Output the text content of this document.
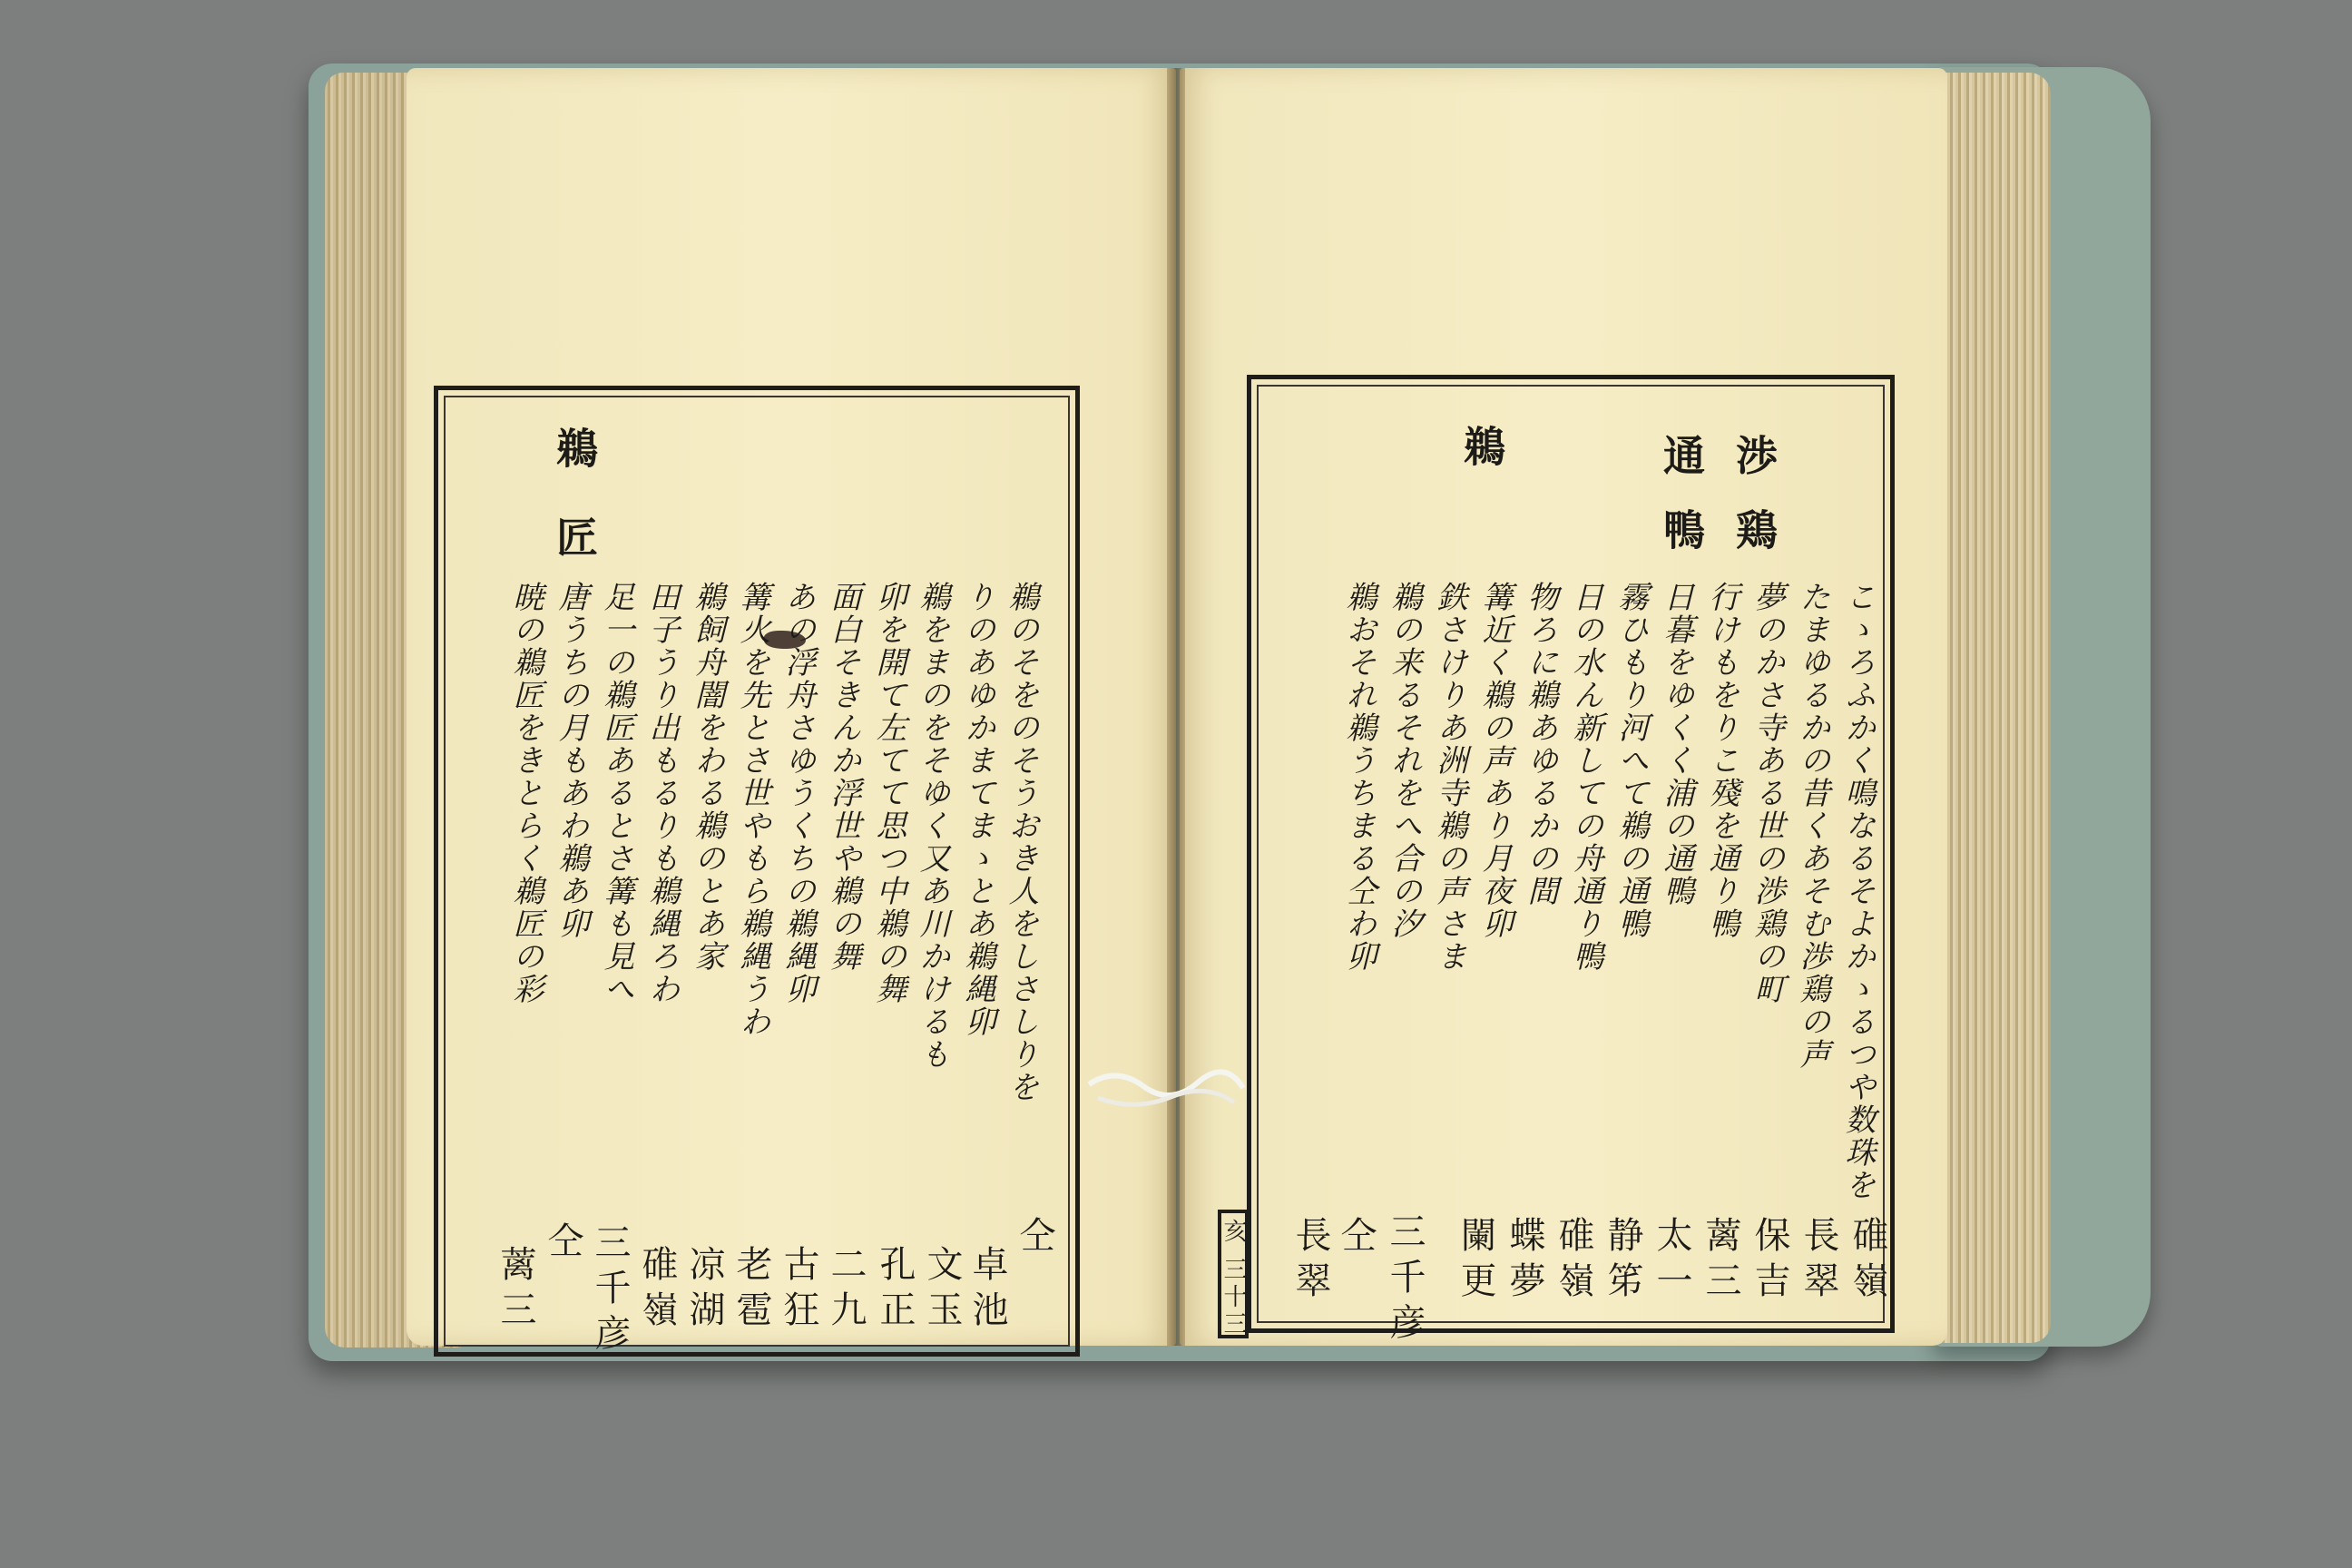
鵜
匠
鵜のそをのそうおき人をしさしりを
りのあゆかまてまゝとあ鵜縄卯
鵜をまのをそゆく又あ川かけるも
卯を開て左てて思つ中鵜の舞
面白そきんか浮世や鵜の舞
あの浮舟さゆうくちの鵜縄卯
篝火を先とさ世やもら鵜縄うわ
鵜飼舟闇をわる鵜のとあ家
田子うり出もるりも鵜縄ろわ
足一の鵜匠あるとさ篝も見へ
唐うちの月もあわ鵜あ卯
暁の鵜匠をきとらく鵜匠の彩
仝
卓池
文玉
孔正
二九
古狂
老雹
凉湖
碓嶺
三千彦
仝
蓠三
渉
鶏
通
鴨
鵜
こゝろふかく鳴なるそよかゝるつや数珠を
たまゆるかの昔くあそむ渉鶏の声
夢のかさ寺ある世の渉鶏の町
行けもをりこ殘を通り鴨
日暮をゆくく浦の通鴨
霧ひもり河へて鵜の通鴨
日の水ん新しての舟通り鴨
物ろに鵜あゆるかの間
篝近く鵜の声あり月夜卯
鉄さけりあ洲寺鵜の声さま
鵜の来るそれをへ合の汐
鵜おそれ鵜うちまる仝わ卯
碓嶺
長翠
保吉
蓠三
太一
静笫
碓嶺
蝶夢
闌更
三千彦
仝
長翠
亥 三十三
